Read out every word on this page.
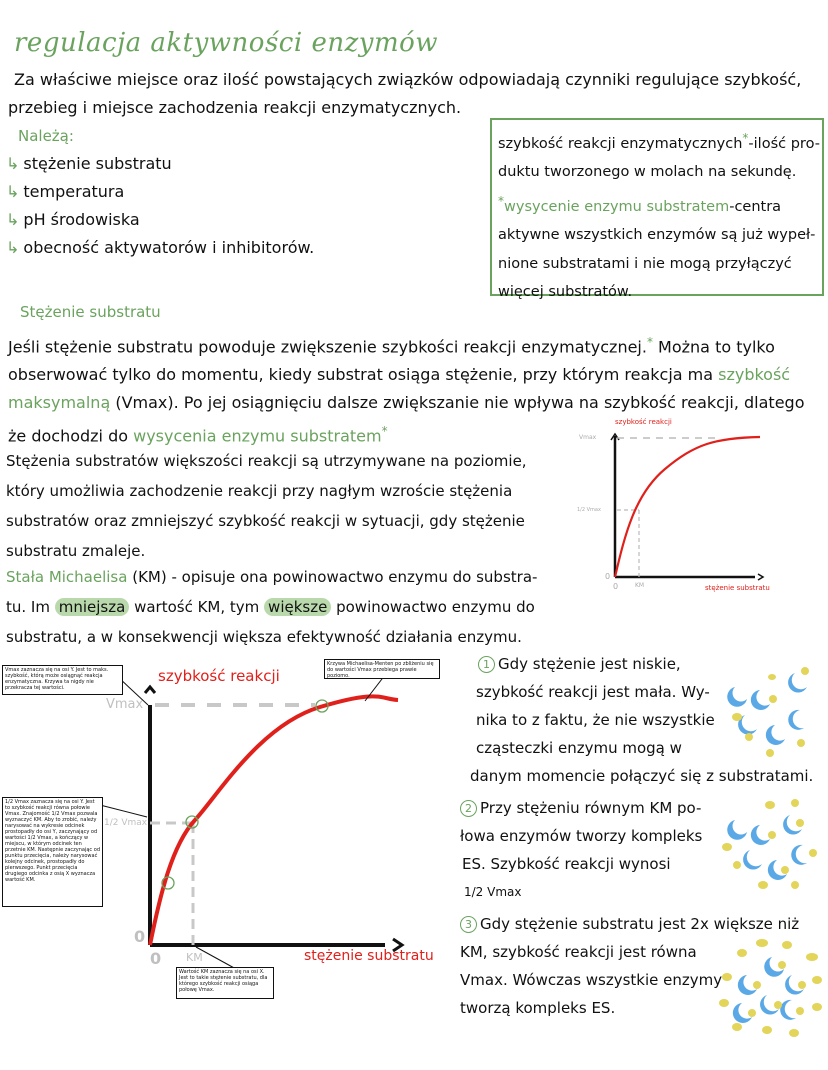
regulacja aktywności enzymów
Za właściwe miejsce oraz ilość powstających związków odpowiadają czynniki regulujące szybkość,
przebieg i miejsce zachodzenia reakcji enzymatycznych.
Należą:
↳ stężenie substratu
↳ temperatura
↳ pH środowiska
↳ obecność aktywatorów i inhibitorów.
szybkość reakcji enzymatycznych*-ilość pro-
duktu tworzonego w molach na sekundę.
*wysycenie enzymu substratem-centra
aktywne wszystkich enzymów są już wypeł-
nione substratami i nie mogą przyłączyć
więcej substratów.
Stężenie substratu
Jeśli stężenie substratu powoduje zwiększenie szybkości reakcji enzymatycznej.* Można to tylko
obserwować tylko do momentu, kiedy substrat osiąga stężenie, przy którym reakcja ma szybkość
maksymalną (Vmax). Po jej osiągnięciu dalsze zwiększanie nie wpływa na szybkość reakcji, dlatego
że dochodzi do wysycenia enzymu substratem*
Stężenia substratów większości reakcji są utrzymywane na poziomie,
który umożliwia zachodzenie reakcji przy nagłym wzroście stężenia
substratów oraz zmniejszyć szybkość reakcji w sytuacji, gdy stężenie
substratu zmaleje.
Stała Michaelisa (KM) - opisuje ona powinowactwo enzymu do substra-
tu. Im mniejsza wartość KM, tym większe powinowactwo enzymu do
substratu, a w konsekwencji większa efektywność działania enzymu.
szybkość reakcji
Vmax
1/2 Vmax
0
0	KM	stężenie substratu
szybkość reakcji
Vmax
1/2 Vmax
0
0 KM	stężenie substratu
Vmax zaznacza się na osi Y. Jest to maks. szybkość, którą może osiągnąć reakcja enzymatyczna. Krzywa ta nigdy nie przekracza tej wartości.
Krzywa Michaelisa-Menten po zbliżeniu się do wartości Vmax przebiega prawie poziomo.
1/2 Vmax zaznacza się na osi Y. Jest to szybkość reakcji równa połowie Vmax. Znajomość 1/2 Vmax pozwala wyznaczyć KM. Aby to zrobić, należy narysować na wykresie odcinek prostopadły do osi Y, zaczynający od wartości 1/2 Vmax, a kończący w miejscu, w którym odcinek ten przetnie KM. Następnie zaczynając od punktu przecięcia, należy narysować kolejny odcinek, prostopadły do pierwszego. Punkt przecięcia drugiego odcinka z osią X wyznacza wartość KM.
Wartość KM zaznacza się na osi X. Jest to takie stężenie substratu, dla którego szybkość reakcji osiąga połowę Vmax.
1 Gdy stężenie jest niskie,
szybkość reakcji jest mała. Wy-
nika to z faktu, że nie wszystkie
cząsteczki enzymu mogą w
danym momencie połączyć się z substratami.
2 Przy stężeniu równym KM po-
łowa enzymów tworzy kompleks
ES. Szybkość reakcji wynosi
1/2 Vmax
3 Gdy stężenie substratu jest 2x większe niż
KM, szybkość reakcji jest równa
Vmax. Wówczas wszystkie enzymy
tworzą kompleks ES.
